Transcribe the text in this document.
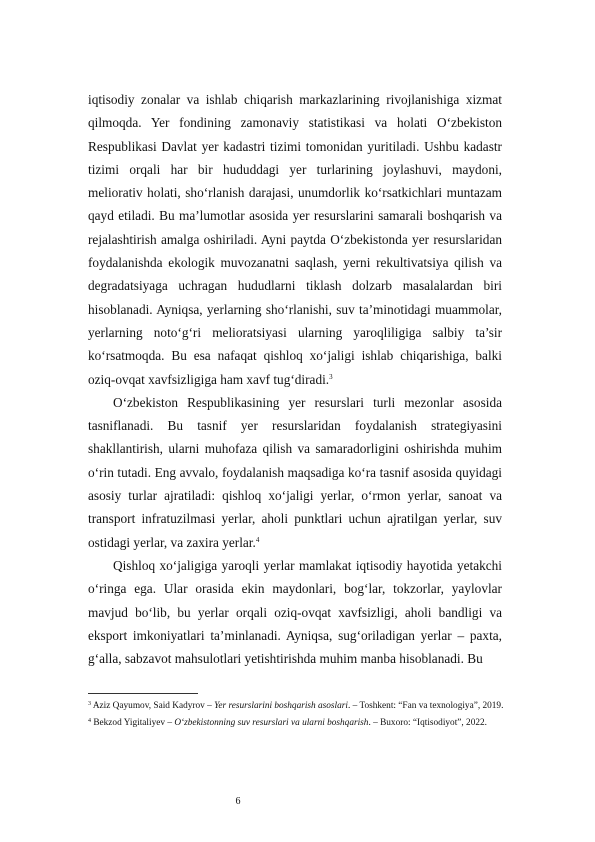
iqtisodiy zonalar va ishlab chiqarish markazlarining rivojlanishiga xizmat qilmoqda. Yer fondining zamonaviy statistikasi va holati O‘zbekiston Respublikasi Davlat yer kadastri tizimi tomonidan yuritiladi. Ushbu kadastr tizimi orqali har bir hududdagi yer turlarining joylashuvi, maydoni, meliorativ holati, sho‘rlanish darajasi, unumdorlik ko‘rsatkichlari muntazam qayd etiladi. Bu ma’lumotlar asosida yer resurslarini samarali boshqarish va rejalashtirish amalga oshiriladi. Ayni paytda O‘zbekistonda yer resurslaridan foydalanishda ekologik muvozanatni saqlash, yerni rekultivatsiya qilish va degradatsiyaga uchragan hududlarni tiklash dolzarb masalalardan biri hisoblanadi. Ayniqsa, yerlarning sho‘rlanishi, suv ta’minotidagi muammolar, yerlarning noto‘g‘ri melioratsiyasi ularning yaroqliligiga salbiy ta’sir ko‘rsatmoqda. Bu esa nafaqat qishloq xo‘jaligi ishlab chiqarishiga, balki oziq-ovqat xavfsizligiga ham xavf tug‘diradi.$^3$

O‘zbekiston Respublikasining yer resurslari turli mezonlar asosida tasniflanadi. Bu tasnif yer resurslaridan foydalanish strategiyasini shakllantirish, ularni muhofaza qilish va samaradorligini oshirishda muhim o‘rin tutadi. Eng avvalo, foydalanish maqsadiga ko‘ra tasnif asosida quyidagi asosiy turlar ajratiladi: qishloq xo‘jaligi yerlar, o‘rmon yerlar, sanoat va transport infratuzilmasi yerlar, aholi punktlari uchun ajratilgan yerlar, suv ostidagi yerlar, va zaxira yerlar.$^4$

Qishloq xo‘jaligiga yaroqli yerlar mamlakat iqtisodiy hayotida yetakchi o‘ringa ega. Ular orasida ekin maydonlari, bog‘lar, tokzorlar, yaylovlar mavjud bo‘lib, bu yerlar orqali oziq-ovqat xavfsizligi, aholi bandligi va eksport imkoniyatlari ta’minlanadi. Ayniqsa, sug‘oriladigan yerlar – paxta, g‘alla, sabzavot mahsulotlari yetishtirishda muhim manba hisoblanadi. Bu

$^3$ Aziz Qayumov, Said Kadyrov – Yer resurslarini boshqarish asoslari. – Toshkent: “Fan va texnologiya”, 2019.

$^4$ Bekzod Yigitaliyev – O‘zbekistonning suv resurslari va ularni boshqarish. – Buxoro: “Iqtisodiyot”, 2022.

6
